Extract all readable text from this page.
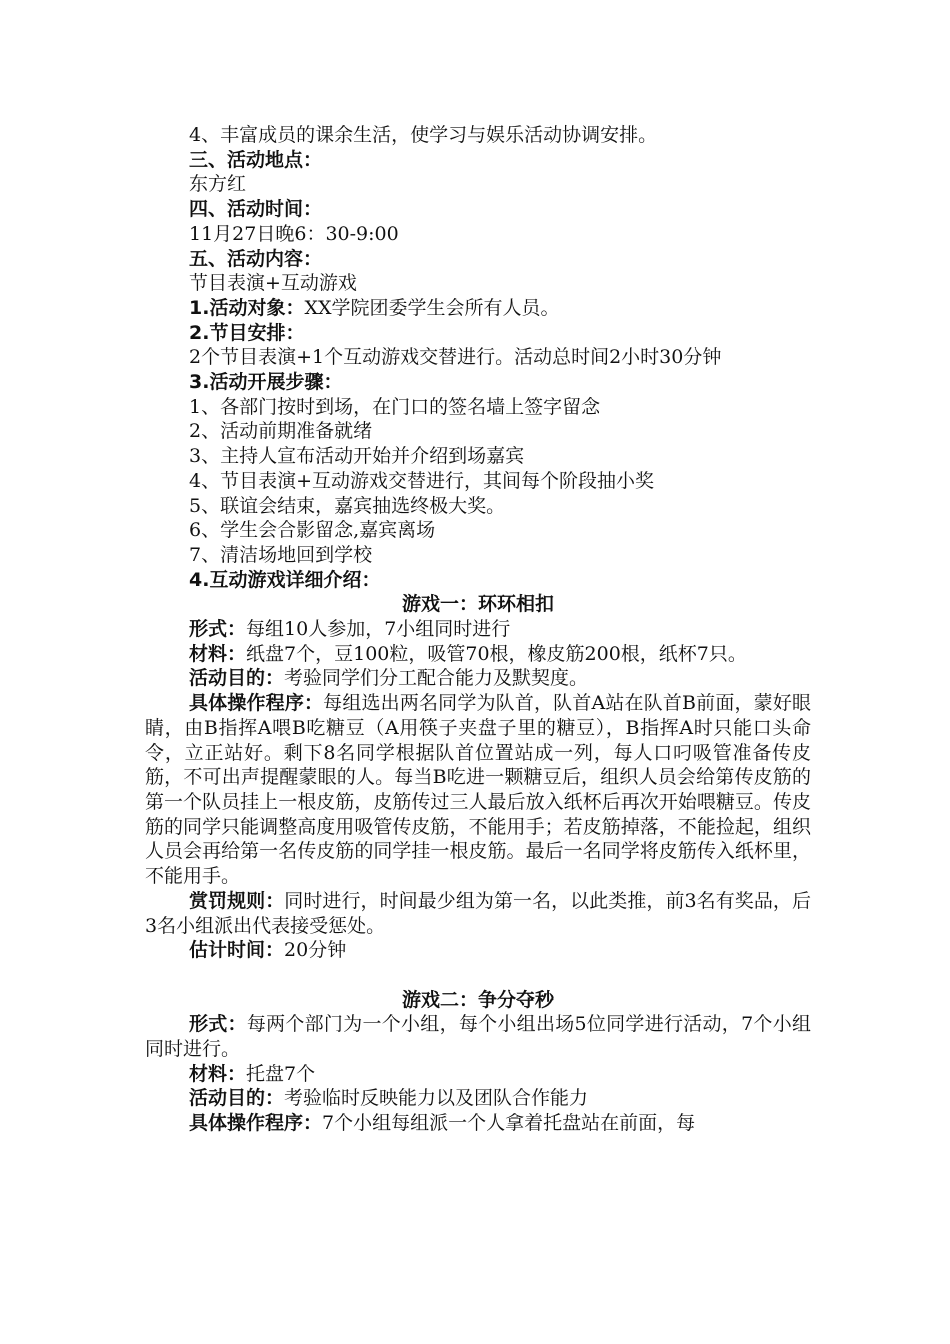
4、丰富成员的课余生活，使学习与娱乐活动协调安排。

三、活动地点：

东方红

四、活动时间：

11月27日晚6：30-9:00

五、活动内容：

节目表演+互动游戏

1.活动对象：XX学院团委学生会所有人员。

2.节目安排：

2个节目表演+1个互动游戏交替进行。活动总时间2小时30分钟

3.活动开展步骤：

1、各部门按时到场，在门口的签名墙上签字留念

2、活动前期准备就绪

3、主持人宣布活动开始并介绍到场嘉宾

4、节目表演+互动游戏交替进行，其间每个阶段抽小奖

5、联谊会结束，嘉宾抽选终极大奖。

6、学生会合影留念,嘉宾离场

7、清洁场地回到学校

4.互动游戏详细介绍：

游戏一：环环相扣

形式：每组10人参加，7小组同时进行

材料：纸盘7个，豆100粒，吸管70根，橡皮筋200根，纸杯7只。

活动目的：考验同学们分工配合能力及默契度。

具体操作程序：每组选出两名同学为队首，队首A站在队首B前面，蒙好眼睛，由B指挥A喂B吃糖豆（A用筷子夹盘子里的糖豆），B指挥A时只能口头命令，立正站好。剩下8名同学根据队首位置站成一列，每人口叼吸管准备传皮筋，不可出声提醒蒙眼的人。每当B吃进一颗糖豆后，组织人员会给第传皮筋的第一个队员挂上一根皮筋，皮筋传过三人最后放入纸杯后再次开始喂糖豆。传皮筋的同学只能调整高度用吸管传皮筋，不能用手；若皮筋掉落，不能捡起，组织人员会再给第一名传皮筋的同学挂一根皮筋。最后一名同学将皮筋传入纸杯里，不能用手。

赏罚规则：同时进行，时间最少组为第一名，以此类推，前3名有奖品，后3名小组派出代表接受惩处。

估计时间：20分钟

游戏二：争分夺秒

形式：每两个部门为一个小组，每个小组出场5位同学进行活动，7个小组同时进行。

材料：托盘7个

活动目的：考验临时反映能力以及团队合作能力

具体操作程序：7个小组每组派一个人拿着托盘站在前面，每
